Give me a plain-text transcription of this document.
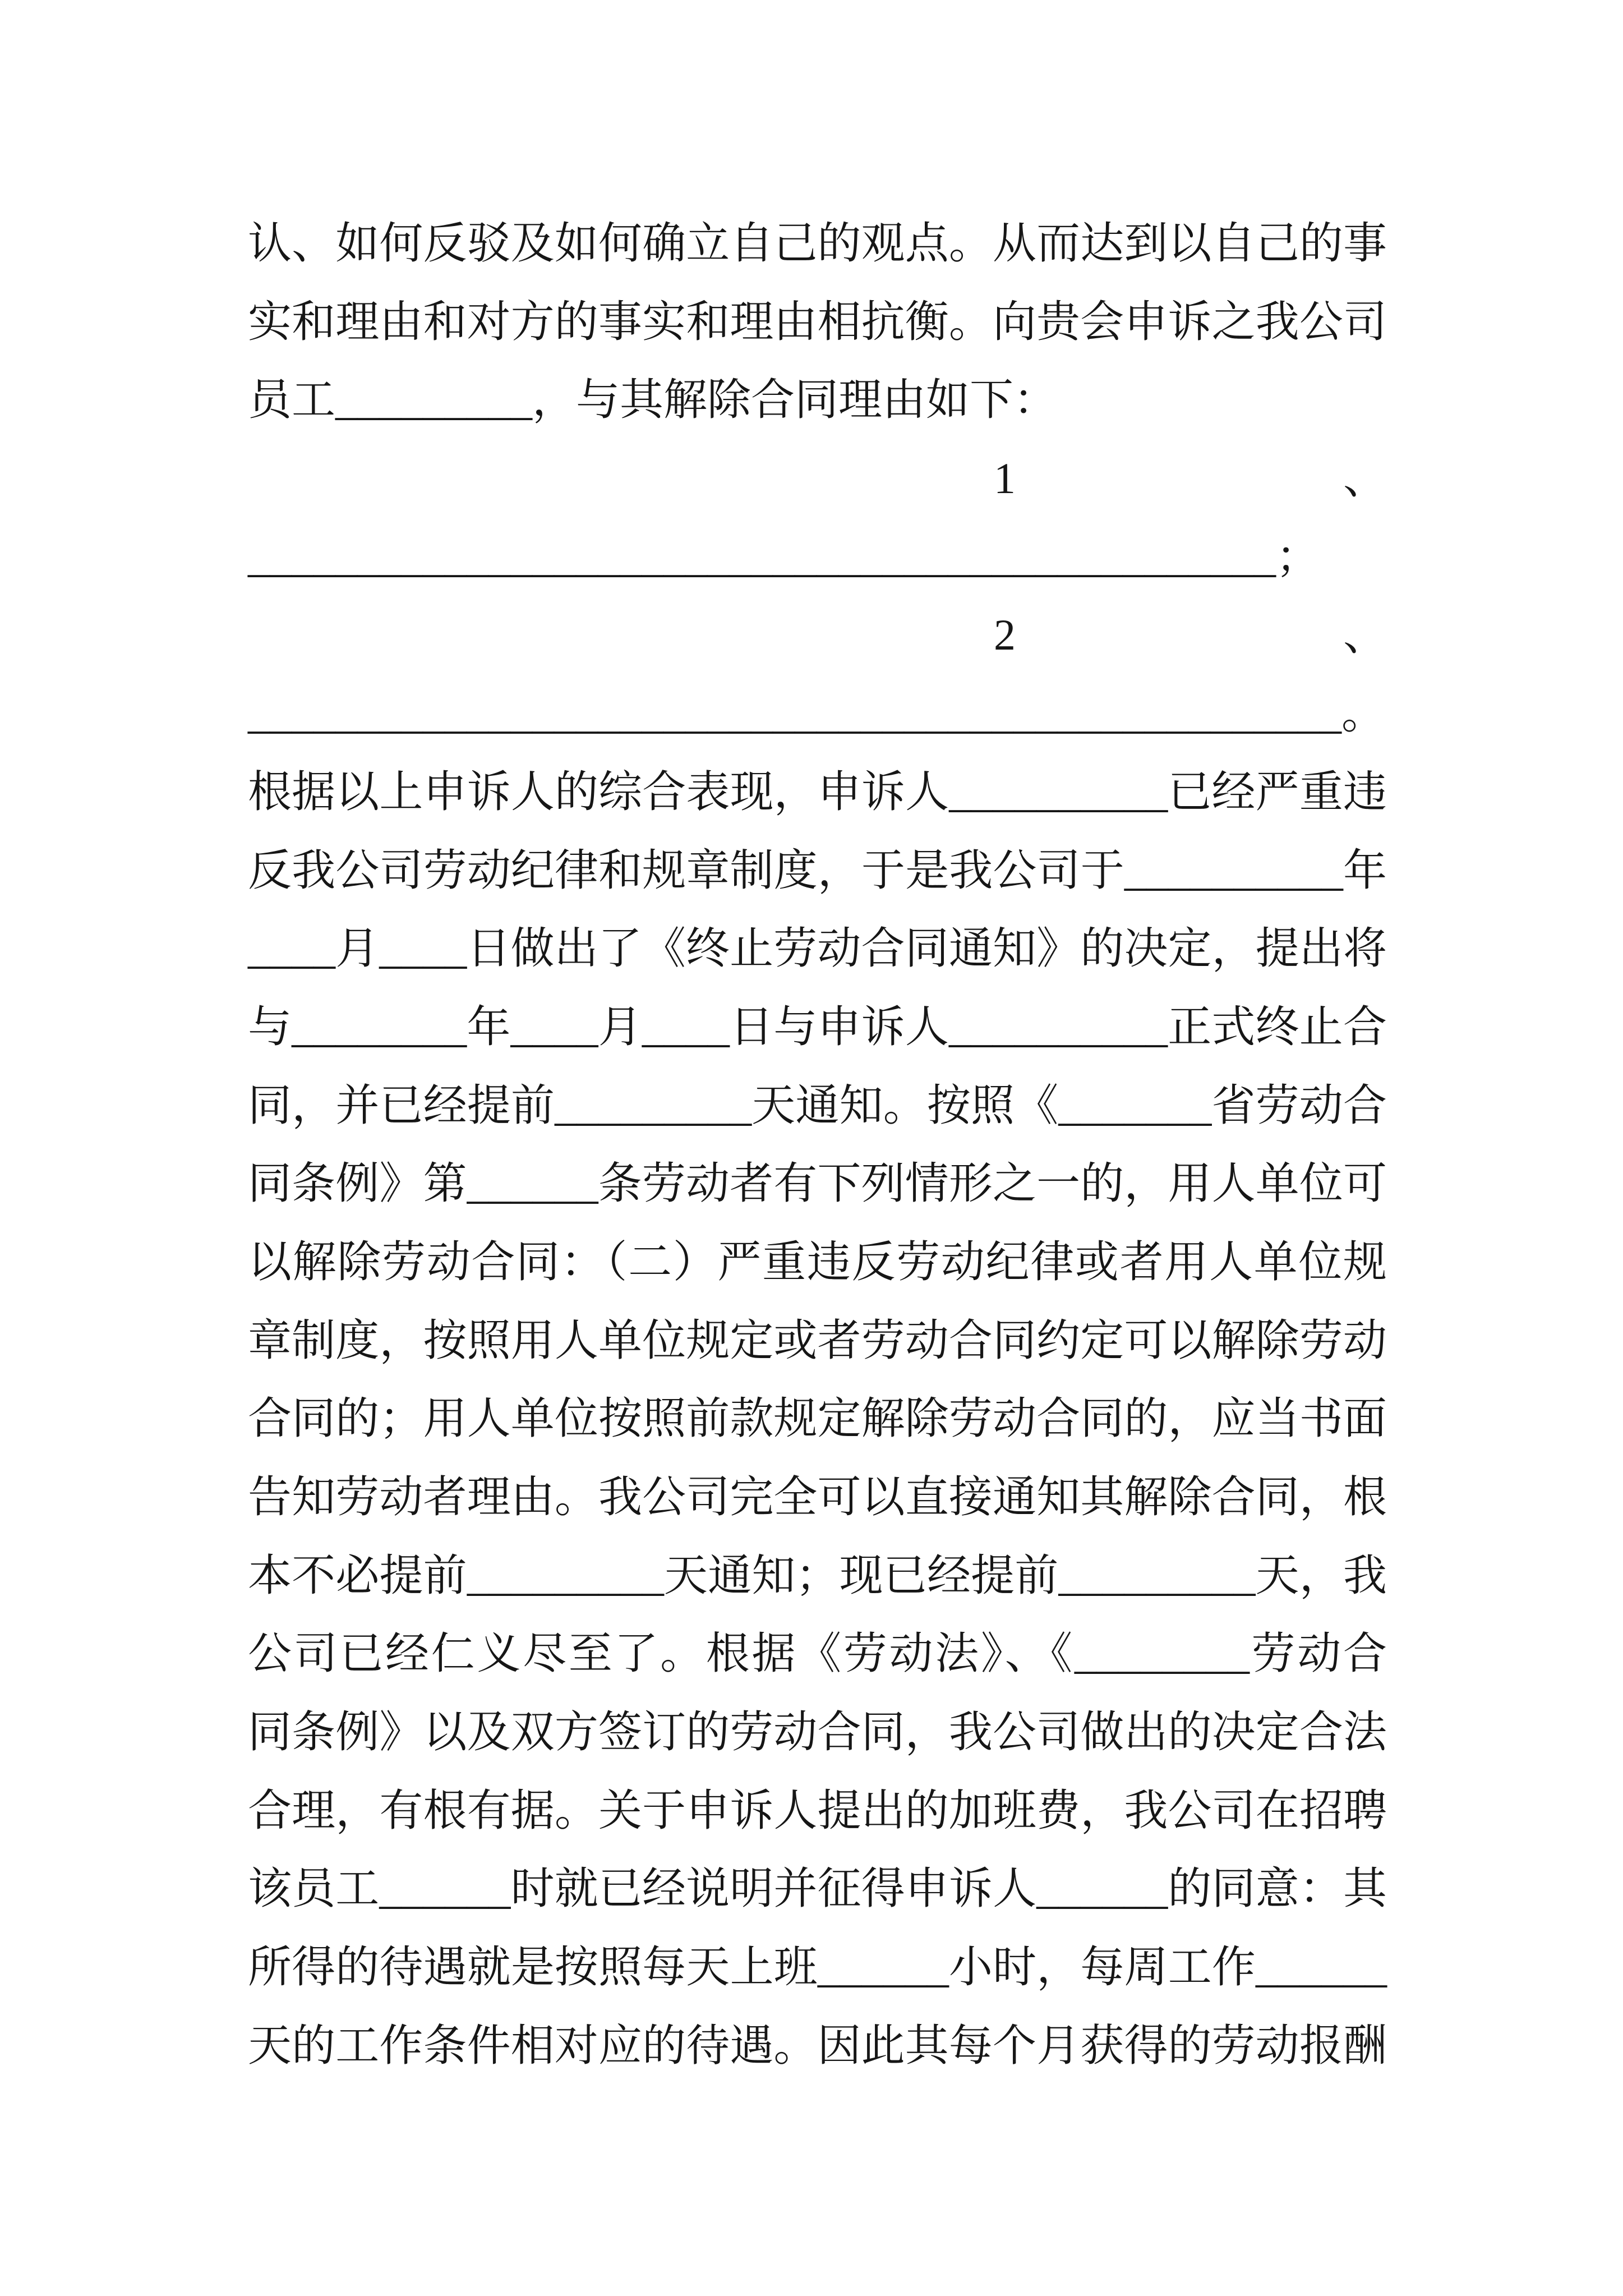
认、如何反驳及如何确立自己的观点。从而达到以自己的事
实和理由和对方的事实和理由相抗衡。向贵会申诉之我公司
员工_________，与其解除合同理由如下：
1	、
_______________________________________________；
2	、
__________________________________________________。
根据以上申诉人的综合表现，申诉人__________已经严重违
反我公司劳动纪律和规章制度，于是我公司于__________年
____月____日做出了《终止劳动合同通知》的决定，提出将
与________年____月____日与申诉人__________正式终止合
同，并已经提前_________天通知。按照《_______省劳动合
同条例》第______条劳动者有下列情形之一的，用人单位可
以解除劳动合同：（二）严重违反劳动纪律或者用人单位规
章制度，按照用人单位规定或者劳动合同约定可以解除劳动
合同的；用人单位按照前款规定解除劳动合同的，应当书面
告知劳动者理由。我公司完全可以直接通知其解除合同，根
本不必提前_________天通知；现已经提前_________天，我
公司已经仁义尽至了。根据《劳动法》、《________劳动合
同条例》以及双方签订的劳动合同，我公司做出的决定合法
合理，有根有据。关于申诉人提出的加班费，我公司在招聘
该员工______时就已经说明并征得申诉人______的同意：其
所得的待遇就是按照每天上班______小时，每周工作______
天的工作条件相对应的待遇。因此其每个月获得的劳动报酬
